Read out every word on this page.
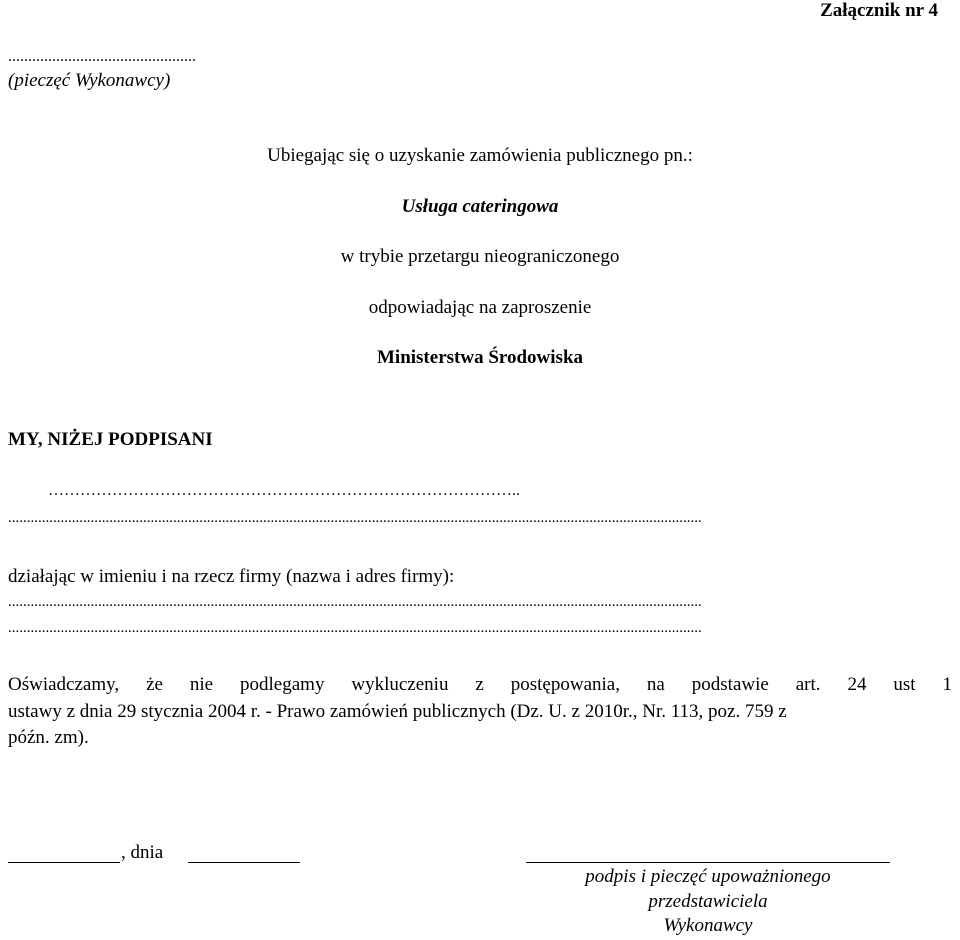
Załącznik nr 4
...............................................
(pieczęć Wykonawcy)
Ubiegając się o uzyskanie zamówienia publicznego pn.:
Usługa cateringowa
w trybie przetargu nieograniczonego
odpowiadając na zaproszenie
Ministerstwa Środowiska
MY, NIŻEJ PODPISANI
……………………………………………………………………………..
.........................................................................................................................................................................................
działając w imieniu i na rzecz firmy (nazwa i adres firmy):
.........................................................................................................................................................................................
.........................................................................................................................................................................................
Oświadczamy, że nie podlegamy wykluczeniu z postępowania, na podstawie art. 24 ust 1
ustawy z dnia 29 stycznia 2004 r. - Prawo zamówień publicznych (Dz. U. z 2010r., Nr. 113, poz. 759 z
późn. zm).
, dnia
podpis i pieczęć upoważnionego
przedstawiciela
Wykonawcy
